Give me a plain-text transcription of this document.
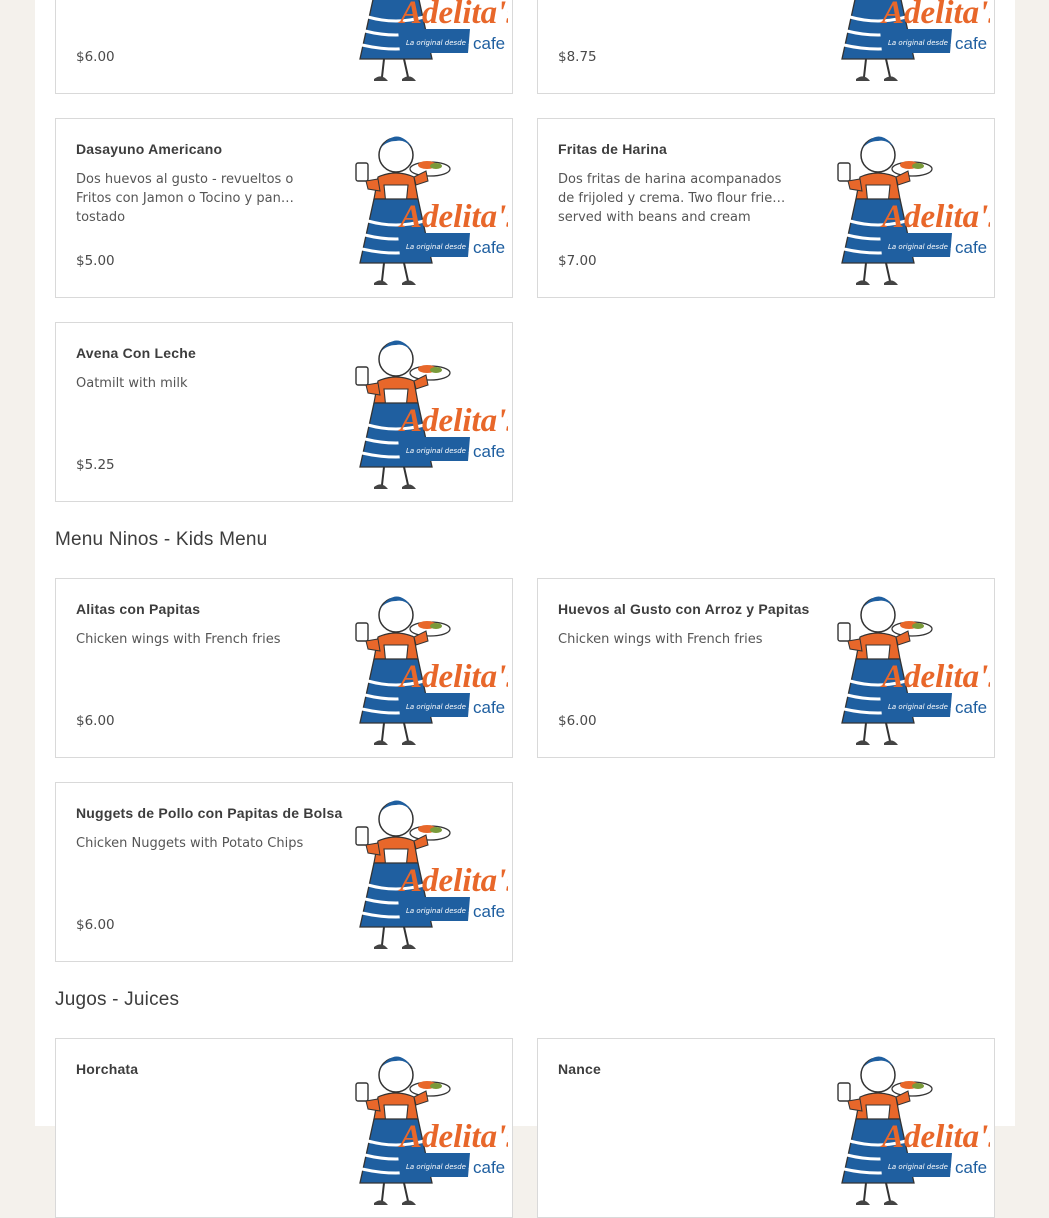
$6.00	$8.75
Dasayuno Americano
Dos huevos al gusto - revueltos o Fritos con Jamon o Tocino y pan tostado
$5.00
Fritas de Harina
Dos fritas de harina acompanados de frijoled y crema. Two flour fries served with beans and cream
$7.00
Avena Con Leche
Oatmilt with milk
$5.25
Menu Ninos - Kids Menu
Alitas con Papitas
Chicken wings with French fries
$6.00
Huevos al Gusto con Arroz y Papitas
Chicken wings with French fries
$6.00
Nuggets de Pollo con Papitas de Bolsa
Chicken Nuggets with Potato Chips
$6.00
Jugos - Juices
Horchata	Nance
